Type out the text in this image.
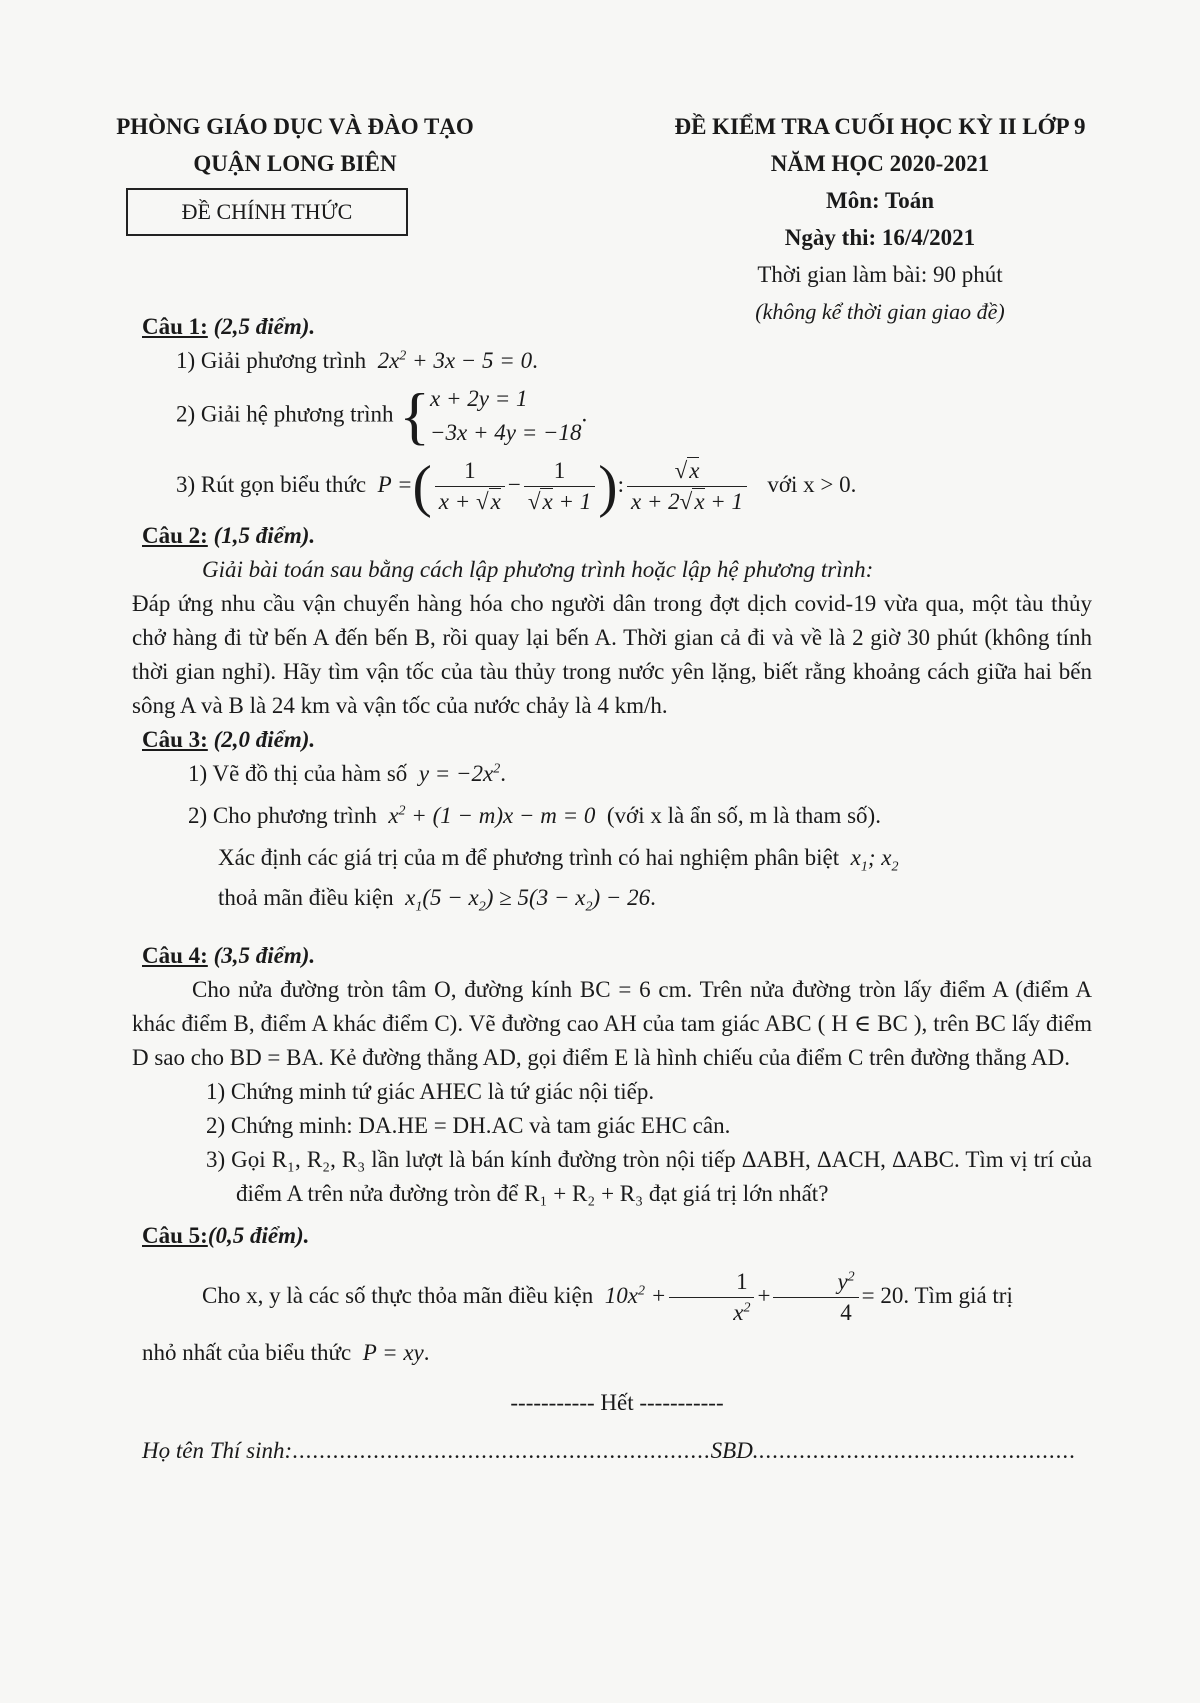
PHÒNG GIÁO DỤC VÀ ĐÀO TẠO
QUẬN LONG BIÊN
ĐỀ CHÍNH THỨC
ĐỀ KIỂM TRA CUỐI HỌC KỲ II LỚP 9
NĂM HỌC 2020-2021
Môn: Toán
Ngày thi: 16/4/2021
Thời gian làm bài: 90 phút
(không kể thời gian giao đề)
Câu 1: (2,5 điểm).
1) Giải phương trình  $2x^2 + 3x - 5 = 0$.
2) Giải hệ phương trình { x + 2y = 1
−3x + 4y = −18
.
3) Rút gọn biểu thức  P =( $\frac{1}{x + √x} - \frac{1}{√x + 1}$ ): $\frac{√x}{x + 2√x + 1}$ với x > 0.
Câu 2: (1,5 điểm).
Giải bài toán sau bằng cách lập phương trình hoặc lập hệ phương trình:
Đáp ứng nhu cầu vận chuyển hàng hóa cho người dân trong đợt dịch covid-19 vừa qua, một tàu thủy chở hàng đi từ bến A đến bến B, rồi quay lại bến A. Thời gian cả đi và về là 2 giờ 30 phút (không tính thời gian nghỉ). Hãy tìm vận tốc của tàu thủy trong nước yên lặng, biết rằng khoảng cách giữa hai bến sông A và B là 24 km và vận tốc của nước chảy là 4 km/h.
Câu 3: (2,0 điểm).
1) Vẽ đồ thị của hàm số  $y = -2x^2$.
2) Cho phương trình  $x^2 + (1 - m)x - m = 0$ (với x là ẩn số, m là tham số).
Xác định các giá trị của m để phương trình có hai nghiệm phân biệt  $x_1$; $x_2$
thoả mãn điều kiện  $x_1(5 - x_2) \ge 5(3 - x_2) - 26$.
Câu 4: (3,5 điểm).
Cho nửa đường tròn tâm O, đường kính BC = 6 cm. Trên nửa đường tròn lấy điểm A (điểm A khác điểm B, điểm A khác điểm C). Vẽ đường cao AH của tam giác ABC ( H ∈ BC ), trên BC lấy điểm D sao cho BD = BA. Kẻ đường thẳng AD, gọi điểm E là hình chiếu của điểm C trên đường thẳng AD.
1) Chứng minh tứ giác AHEC là tứ giác nội tiếp.
2) Chứng minh: DA.HE = DH.AC và tam giác EHC cân.
3) Gọi R₁, R₂, R₃ lần lượt là bán kính đường tròn nội tiếp ΔABH, ΔACH, ΔABC. Tìm vị trí của điểm A trên nửa đường tròn để R₁ + R₂ + R₃ đạt giá trị lớn nhất?
Câu 5:(0,5 điểm).
Cho x, y là các số thực thỏa mãn điều kiện  $10x^2 + \frac{1}{x^2} + \frac{y^2}{4} = 20$. Tìm giá trị
nhỏ nhất của biểu thức  P = xy.
----------- Hết -----------
Họ tên Thí sinh:..............................................................SBD................................................
